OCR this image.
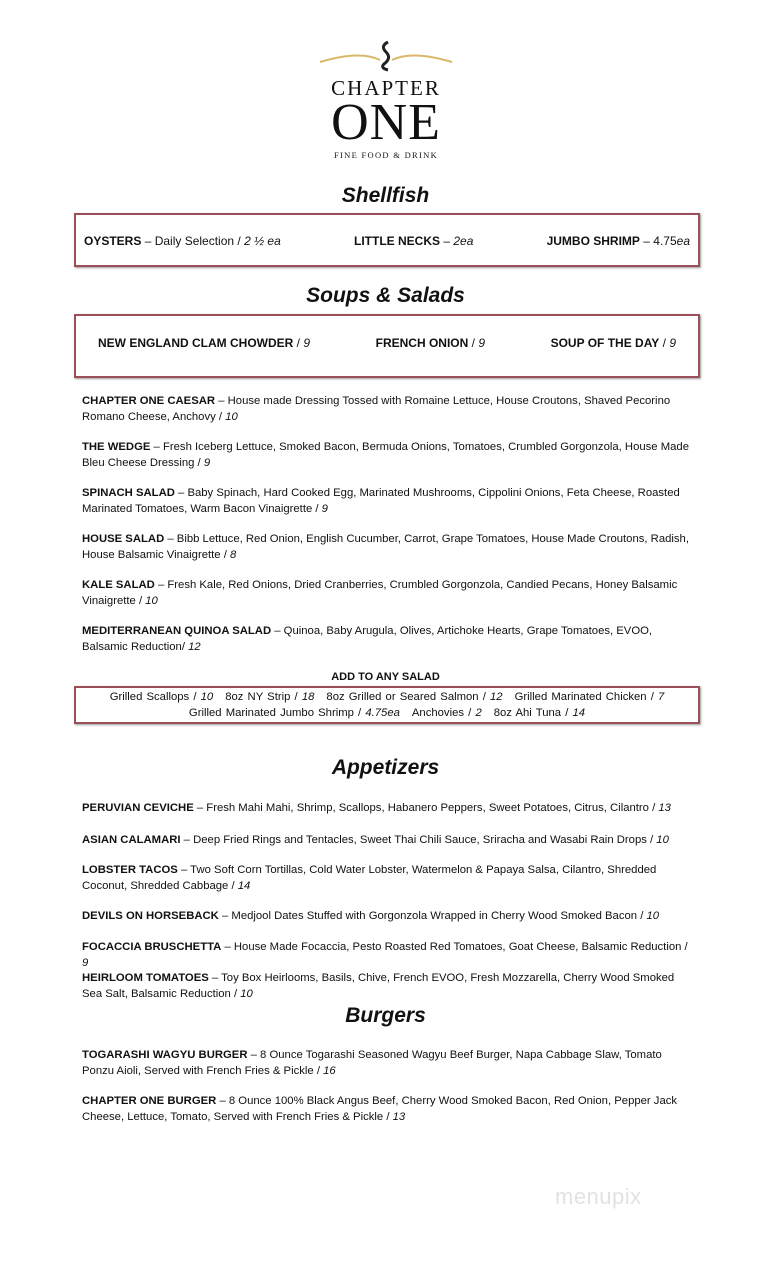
CHAPTER
ONE
FINE FOOD & DRINK
Shellfish
OYSTERS – Daily Selection / 2 ½ ea	LITTLE NECKS – 2ea	JUMBO SHRIMP – 4.75ea
Soups & Salads
NEW ENGLAND CLAM CHOWDER / 9	FRENCH ONION / 9	SOUP OF THE DAY / 9
CHAPTER ONE CAESAR – House made Dressing Tossed with Romaine Lettuce, House Croutons, Shaved Pecorino Romano Cheese, Anchovy / 10
THE WEDGE – Fresh Iceberg Lettuce, Smoked Bacon, Bermuda Onions, Tomatoes, Crumbled Gorgonzola, House Made Bleu Cheese Dressing / 9
SPINACH SALAD – Baby Spinach, Hard Cooked Egg, Marinated Mushrooms, Cippolini Onions, Feta Cheese, Roasted Marinated Tomatoes, Warm Bacon Vinaigrette / 9
HOUSE SALAD – Bibb Lettuce, Red Onion, English Cucumber, Carrot, Grape Tomatoes, House Made Croutons, Radish, House Balsamic Vinaigrette / 8
KALE SALAD – Fresh Kale, Red Onions, Dried Cranberries, Crumbled Gorgonzola, Candied Pecans, Honey Balsamic Vinaigrette / 10
MEDITERRANEAN QUINOA SALAD – Quinoa, Baby Arugula, Olives, Artichoke Hearts, Grape Tomatoes, EVOO, Balsamic Reduction/ 12
ADD TO ANY SALAD
Grilled Scallops / 10 8oz NY Strip / 18 8oz Grilled or Seared Salmon / 12 Grilled Marinated Chicken / 7
Grilled Marinated Jumbo Shrimp / 4.75ea Anchovies / 2 8oz Ahi Tuna / 14
Appetizers
PERUVIAN CEVICHE – Fresh Mahi Mahi, Shrimp, Scallops, Habanero Peppers, Sweet Potatoes, Citrus, Cilantro / 13
ASIAN CALAMARI – Deep Fried Rings and Tentacles, Sweet Thai Chili Sauce, Sriracha and Wasabi Rain Drops / 10
LOBSTER TACOS – Two Soft Corn Tortillas, Cold Water Lobster, Watermelon & Papaya Salsa, Cilantro, Shredded Coconut, Shredded Cabbage / 14
DEVILS ON HORSEBACK – Medjool Dates Stuffed with Gorgonzola Wrapped in Cherry Wood Smoked Bacon / 10
FOCACCIA BRUSCHETTA – House Made Focaccia, Pesto Roasted Red Tomatoes, Goat Cheese, Balsamic Reduction / 9
HEIRLOOM TOMATOES – Toy Box Heirlooms, Basils, Chive, French EVOO, Fresh Mozzarella, Cherry Wood Smoked Sea Salt, Balsamic Reduction / 10
Burgers
TOGARASHI WAGYU BURGER – 8 Ounce Togarashi Seasoned Wagyu Beef Burger, Napa Cabbage Slaw, Tomato Ponzu Aioli, Served with French Fries & Pickle / 16
CHAPTER ONE BURGER – 8 Ounce 100% Black Angus Beef, Cherry Wood Smoked Bacon, Red Onion, Pepper Jack Cheese, Lettuce, Tomato, Served with French Fries & Pickle / 13
menupix
